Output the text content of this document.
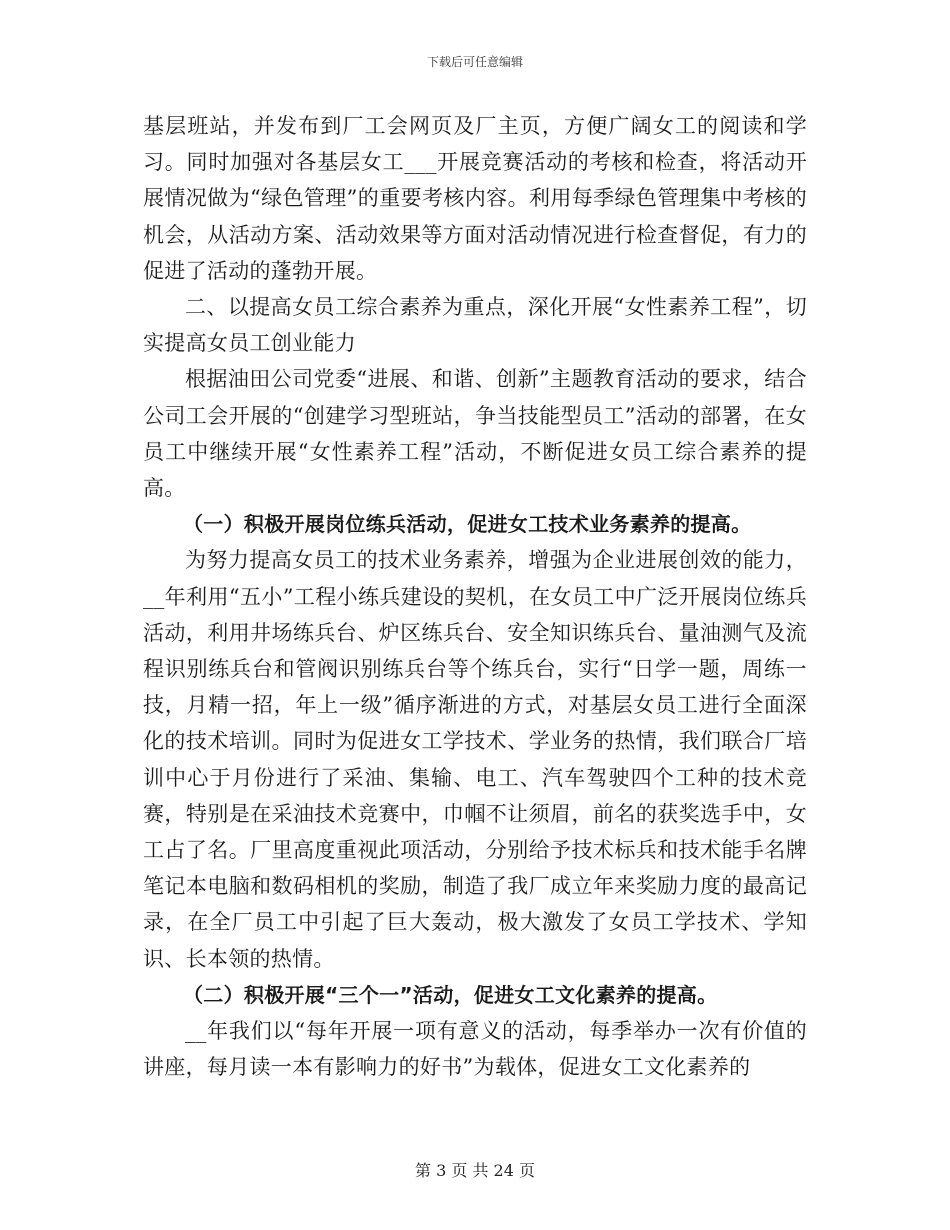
下载后可任意编辑

基层班站，并发布到厂工会网页及厂主页，方便广阔女工的阅读和学习。同时加强对各基层女工___开展竞赛活动的考核和检查，将活动开展情况做为“绿色管理”的重要考核内容。利用每季绿色管理集中考核的机会，从活动方案、活动效果等方面对活动情况进行检查督促，有力的促进了活动的蓬勃开展。

二、以提高女员工综合素养为重点，深化开展“女性素养工程”，切实提高女员工创业能力

根据油田公司党委“进展、和谐、创新”主题教育活动的要求，结合公司工会开展的“创建学习型班站，争当技能型员工”活动的部署，在女员工中继续开展“女性素养工程”活动，不断促进女员工综合素养的提高。

（一）积极开展岗位练兵活动，促进女工技术业务素养的提高。

为努力提高女员工的技术业务素养，增强为企业进展创效的能力，__年利用“五小”工程小练兵建设的契机，在女员工中广泛开展岗位练兵活动，利用井场练兵台、炉区练兵台、安全知识练兵台、量油测气及流程识别练兵台和管阀识别练兵台等个练兵台，实行“日学一题，周练一技，月精一招，年上一级”循序渐进的方式，对基层女员工进行全面深化的技术培训。同时为促进女工学技术、学业务的热情，我们联合厂培训中心于月份进行了采油、集输、电工、汽车驾驶四个工种的技术竞赛，特别是在采油技术竞赛中，巾帼不让须眉，前名的获奖选手中，女工占了名。厂里高度重视此项活动，分别给予技术标兵和技术能手名牌笔记本电脑和数码相机的奖励，制造了我厂成立年来奖励力度的最高记录，在全厂员工中引起了巨大轰动，极大激发了女员工学技术、学知识、长本领的热情。

（二）积极开展“三个一”活动，促进女工文化素养的提高。

__年我们以“每年开展一项有意义的活动，每季举办一次有价值的讲座，每月读一本有影响力的好书”为载体，促进女工文化素养的

第 3 页 共 24 页
